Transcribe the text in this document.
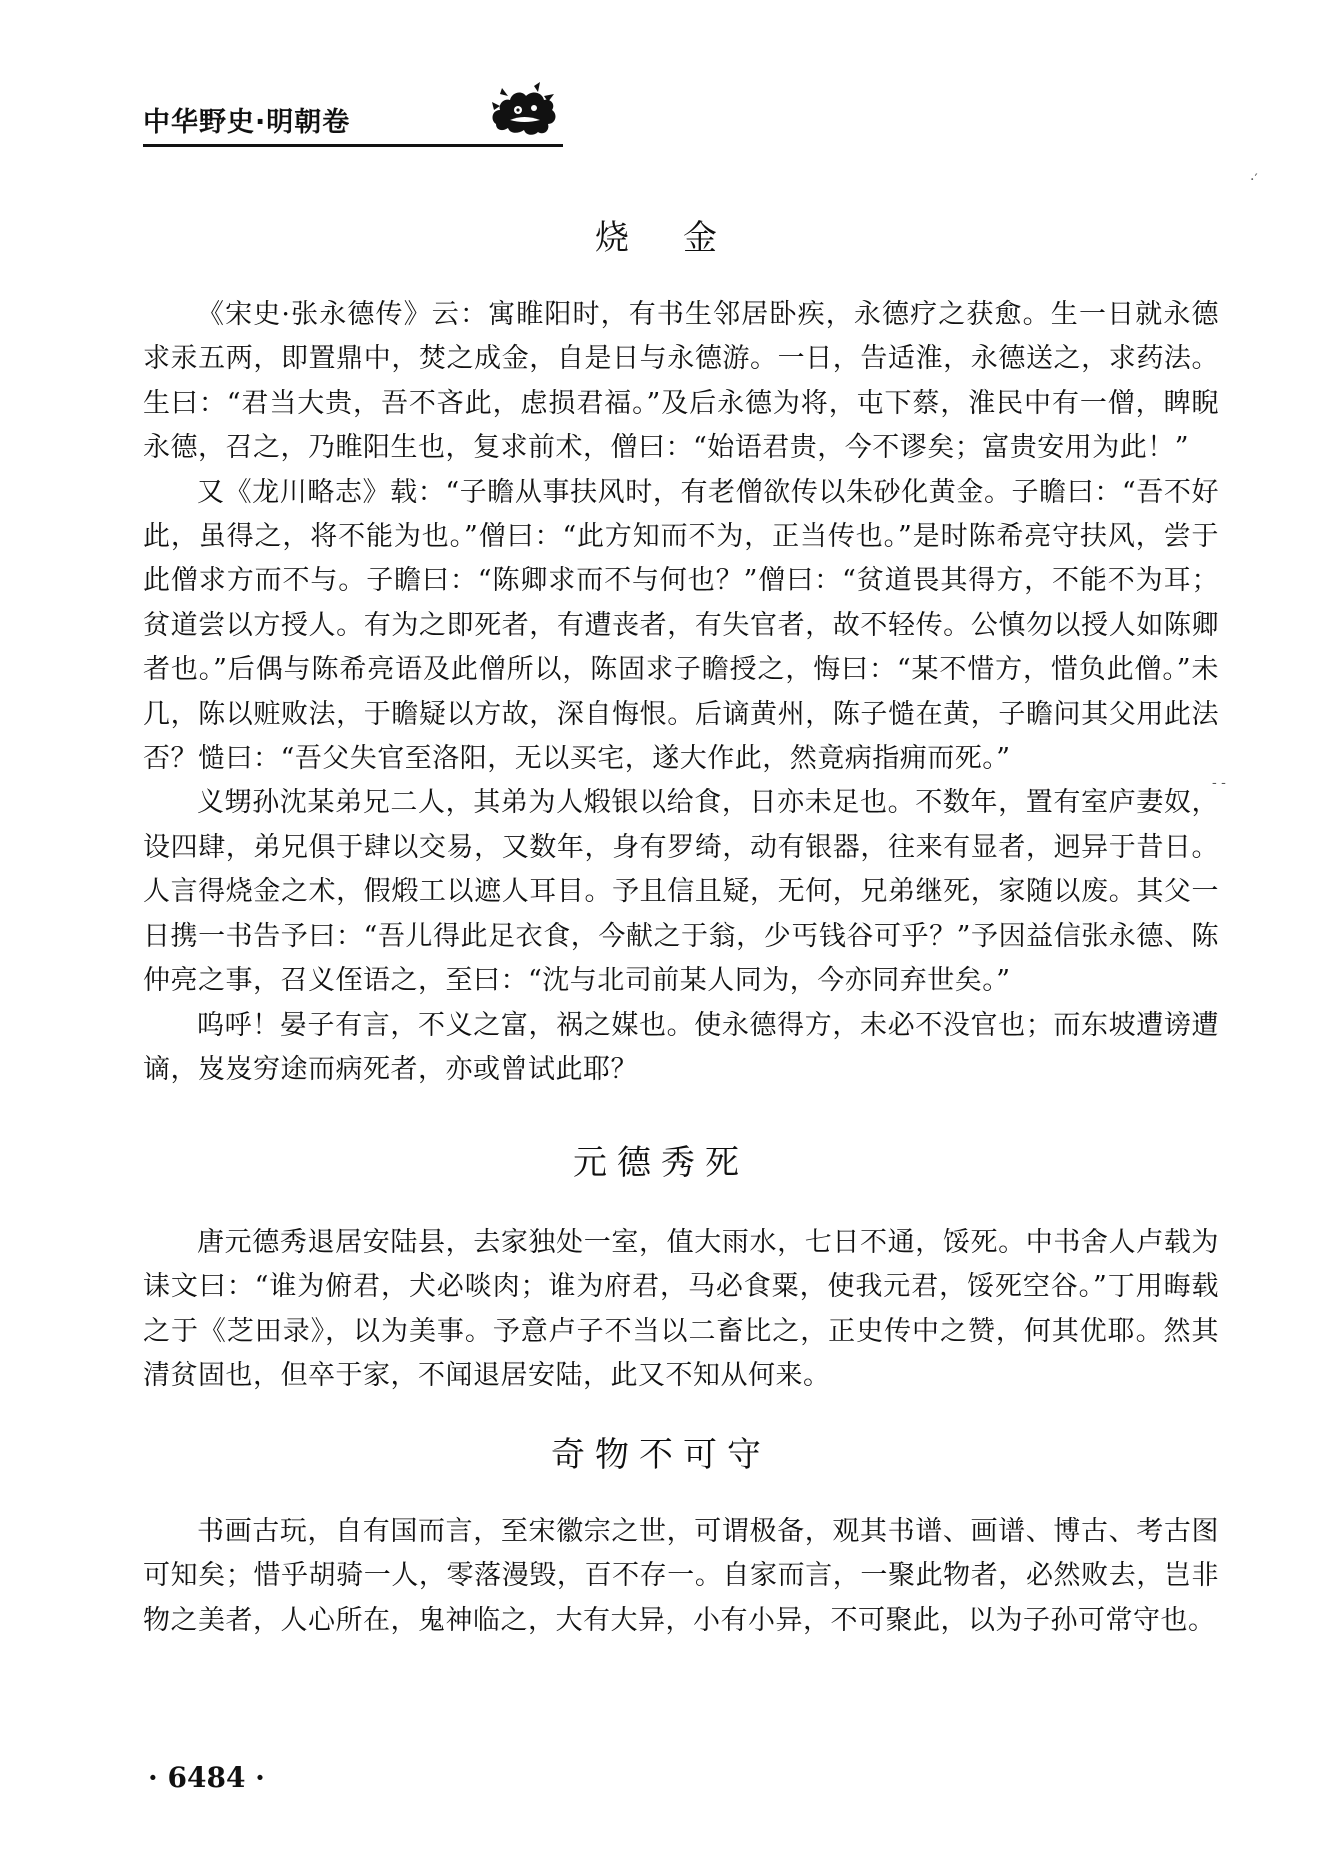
中华野史·明朝卷
·′
- -
烧　金

《宋史·张永德传》云：寓睢阳时，有书生邻居卧疾，永德疗之获愈。生一日就永德求汞五两，即置鼎中，焚之成金，自是日与永德游。一日，告适淮，永德送之，求药法。生曰：“君当大贵，吾不吝此，虑损君福。”及后永德为将，屯下蔡，淮民中有一僧，睥睨永德，召之，乃睢阳生也，复求前术，僧曰：“始语君贵，今不谬矣；富贵安用为此！”

又《龙川略志》载：“子瞻从事扶风时，有老僧欲传以朱砂化黄金。子瞻曰：“吾不好此，虽得之，将不能为也。”僧曰：“此方知而不为，正当传也。”是时陈希亮守扶风，尝于此僧求方而不与。子瞻曰：“陈卿求而不与何也？”僧曰：“贫道畏其得方，不能不为耳；贫道尝以方授人。有为之即死者，有遭丧者，有失官者，故不轻传。公慎勿以授人如陈卿者也。”后偶与陈希亮语及此僧所以，陈固求子瞻授之，悔曰：“某不惜方，惜负此僧。”未几，陈以赃败法，于瞻疑以方故，深自悔恨。后谪黄州，陈子慥在黄，子瞻问其父用此法否？慥曰：“吾父失官至洛阳，无以买宅，遂大作此，然竟病指痈而死。”

义甥孙沈某弟兄二人，其弟为人煅银以给食，日亦未足也。不数年，置有室庐妻奴，设四肆，弟兄俱于肆以交易，又数年，身有罗绮，动有银器，往来有显者，迥异于昔日。人言得烧金之术，假煅工以遮人耳目。予且信且疑，无何，兄弟继死，家随以废。其父一日携一书告予曰：“吾儿得此足衣食，今献之于翁，少丐钱谷可乎？”予因益信张永德、陈仲亮之事，召义侄语之，至曰：“沈与北司前某人同为，今亦同弃世矣。”

呜呼！晏子有言，不义之富，祸之媒也。使永德得方，未必不没官也；而东坡遭谤遭谪，岌岌穷途而病死者，亦或曾试此耶？

元德秀死

唐元德秀退居安陆县，去家独处一室，值大雨水，七日不通，馁死。中书舍人卢载为诔文曰：“谁为俯君，犬必啖肉；谁为府君，马必食粟，使我元君，馁死空谷。”丁用晦载之于《芝田录》，以为美事。予意卢子不当以二畜比之，正史传中之赞，何其优耶。然其清贫固也，但卒于家，不闻退居安陆，此又不知从何来。

奇物不可守

书画古玩，自有国而言，至宋徽宗之世，可谓极备，观其书谱、画谱、博古、考古图可知矣；惜乎胡骑一人，零落漫毁，百不存一。自家而言，一聚此物者，必然败去，岂非物之美者，人心所在，鬼神临之，大有大异，小有小异，不可聚此，以为子孙可常守也。

· 6484 ·
